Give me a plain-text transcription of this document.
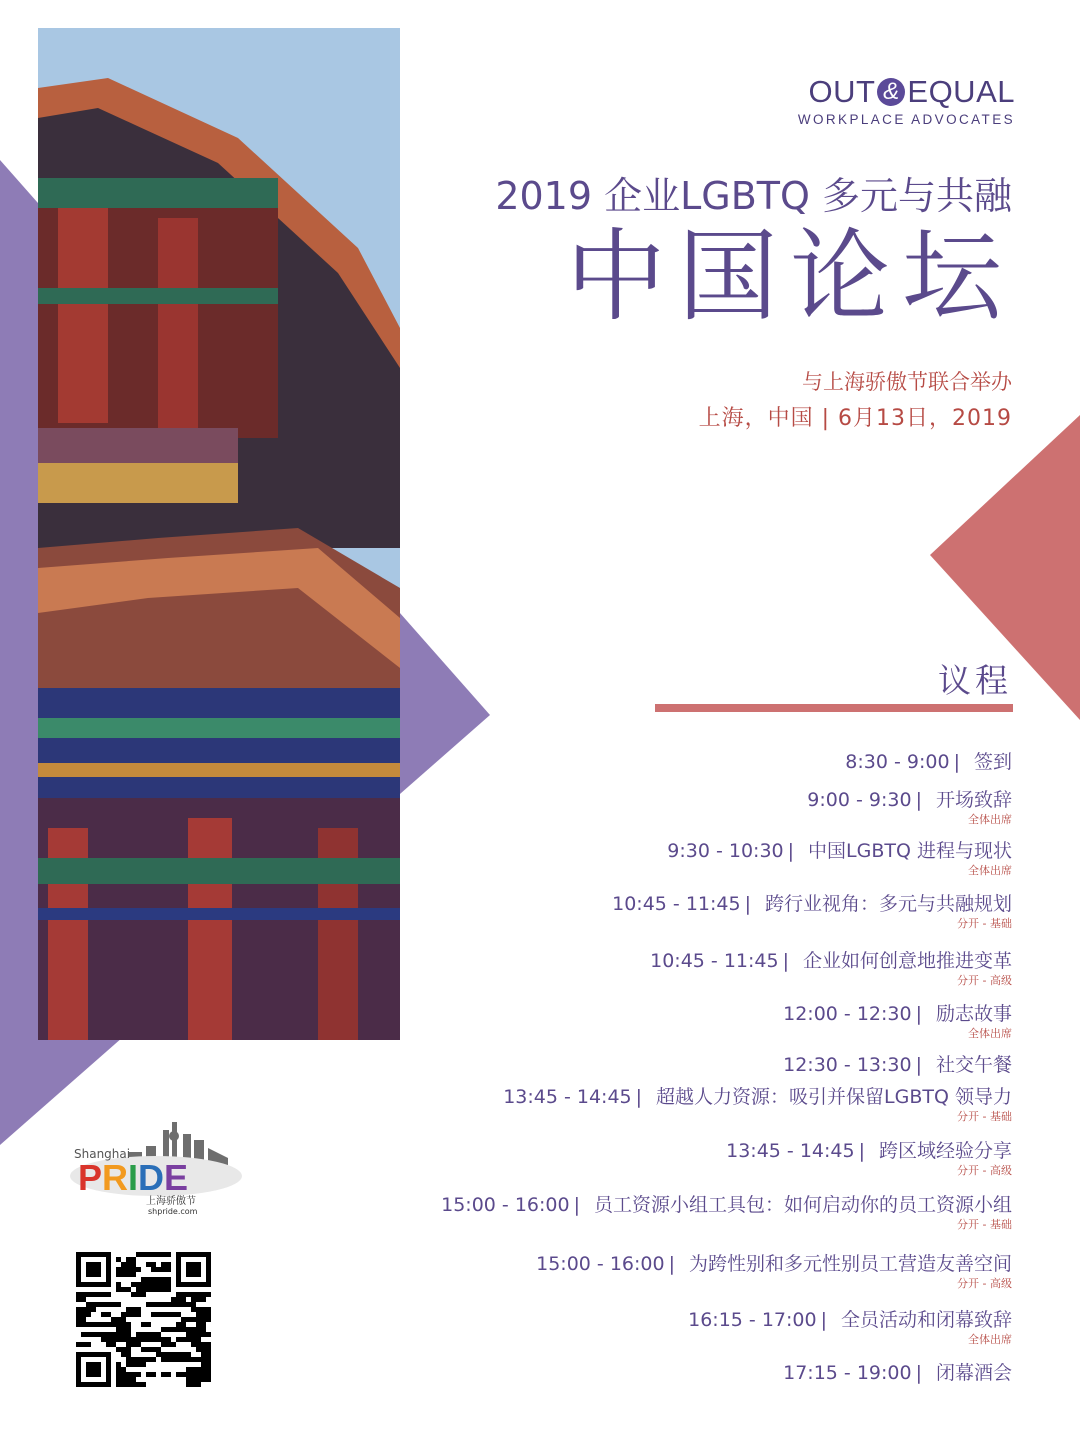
OUT & EQUAL
WORKPLACE ADVOCATES
2019 企业LGBTQ 多元与共融
中国论坛
与上海骄傲节联合举办
上海，中国 | 6月13日，2019
议程
8:30 - 9:00 | 签到
9:00 - 9:30 | 开场致辞
全体出席
9:30 - 10:30 | 中国LGBTQ 进程与现状
全体出席
10:45 - 11:45 | 跨行业视角：多元与共融规划
分开 - 基础
10:45 - 11:45 | 企业如何创意地推进变革
分开 - 高级
12:00 - 12:30 | 励志故事
全体出席
12:30 - 13:30 | 社交午餐
13:45 - 14:45 | 超越人力资源：吸引并保留LGBTQ 领导力
分开 - 基础
13:45 - 14:45 | 跨区域经验分享
分开 - 高级
15:00 - 16:00 | 员工资源小组工具包：如何启动你的员工资源小组
分开 - 基础
15:00 - 16:00 | 为跨性别和多元性别员工营造友善空间
分开 - 高级
16:15 - 17:00 | 全员活动和闭幕致辞
全体出席
17:15 - 19:00 | 闭幕酒会
Shanghai
PRIDE
上海骄傲节
shpride.com
